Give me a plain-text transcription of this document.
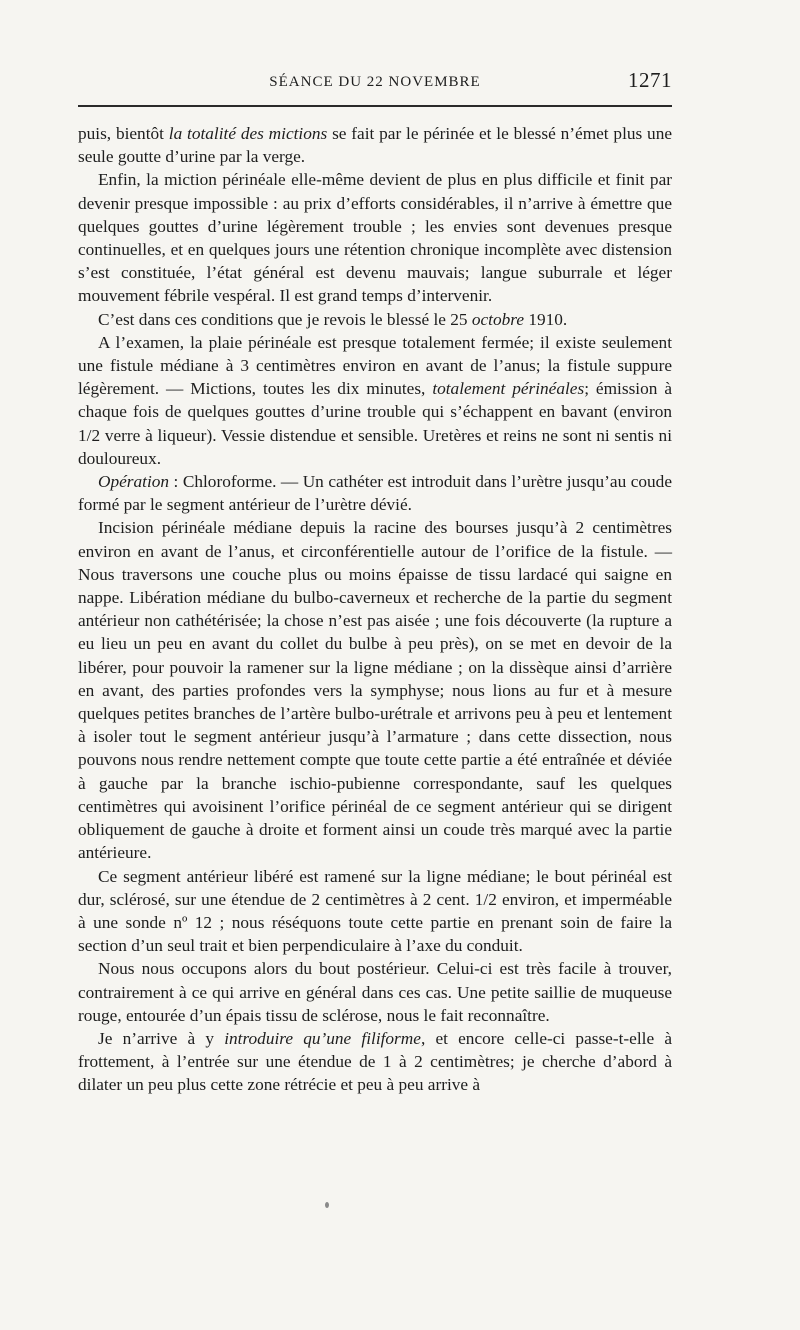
SÉANCE DU 22 NOVEMBRE	1271

puis, bientôt la totalité des mictions se fait par le périnée et le blessé n’émet plus une seule goutte d’urine par la verge.

Enfin, la miction périnéale elle-même devient de plus en plus difficile et finit par devenir presque impossible : au prix d’efforts considérables, il n’arrive à émettre que quelques gouttes d’urine légèrement trouble ; les envies sont devenues presque continuelles, et en quelques jours une rétention chronique incomplète avec distension s’est constituée, l’état général est devenu mauvais; langue suburrale et léger mouvement fébrile vespéral. Il est grand temps d’intervenir.

C’est dans ces conditions que je revois le blessé le 25 octobre 1910.

A l’examen, la plaie périnéale est presque totalement fermée; il existe seulement une fistule médiane à 3 centimètres environ en avant de l’anus; la fistule suppure légèrement. — Mictions, toutes les dix minutes, totalement périnéales; émission à chaque fois de quelques gouttes d’urine trouble qui s’échappent en bavant (environ 1/2 verre à liqueur). Vessie distendue et sensible. Uretères et reins ne sont ni sentis ni douloureux.

Opération : Chloroforme. — Un cathéter est introduit dans l’urètre jusqu’au coude formé par le segment antérieur de l’urètre dévié.

Incision périnéale médiane depuis la racine des bourses jusqu’à 2 centimètres environ en avant de l’anus, et circonférentielle autour de l’orifice de la fistule. — Nous traversons une couche plus ou moins épaisse de tissu lardacé qui saigne en nappe. Libération médiane du bulbo-caverneux et recherche de la partie du segment antérieur non cathétérisée; la chose n’est pas aisée ; une fois découverte (la rupture a eu lieu un peu en avant du collet du bulbe à peu près), on se met en devoir de la libérer, pour pouvoir la ramener sur la ligne médiane ; on la dissèque ainsi d’arrière en avant, des parties profondes vers la symphyse; nous lions au fur et à mesure quelques petites branches de l’artère bulbo-urétrale et arrivons peu à peu et lentement à isoler tout le segment antérieur jusqu’à l’armature ; dans cette dissection, nous pouvons nous rendre nettement compte que toute cette partie a été entraînée et déviée à gauche par la branche ischio-pubienne correspondante, sauf les quelques centimètres qui avoisinent l’orifice périnéal de ce segment antérieur qui se dirigent obliquement de gauche à droite et forment ainsi un coude très marqué avec la partie antérieure.

Ce segment antérieur libéré est ramené sur la ligne médiane; le bout périnéal est dur, sclérosé, sur une étendue de 2 centimètres à 2 cent. 1/2 environ, et imperméable à une sonde nº 12 ; nous réséquons toute cette partie en prenant soin de faire la section d’un seul trait et bien perpendiculaire à l’axe du conduit.

Nous nous occupons alors du bout postérieur. Celui-ci est très facile à trouver, contrairement à ce qui arrive en général dans ces cas. Une petite saillie de muqueuse rouge, entourée d’un épais tissu de sclérose, nous le fait reconnaître.

Je n’arrive à y introduire qu’une filiforme, et encore celle-ci passe-t-elle à frottement, à l’entrée sur une étendue de 1 à 2 centimètres; je cherche d’abord à dilater un peu plus cette zone rétrécie et peu à peu arrive à
